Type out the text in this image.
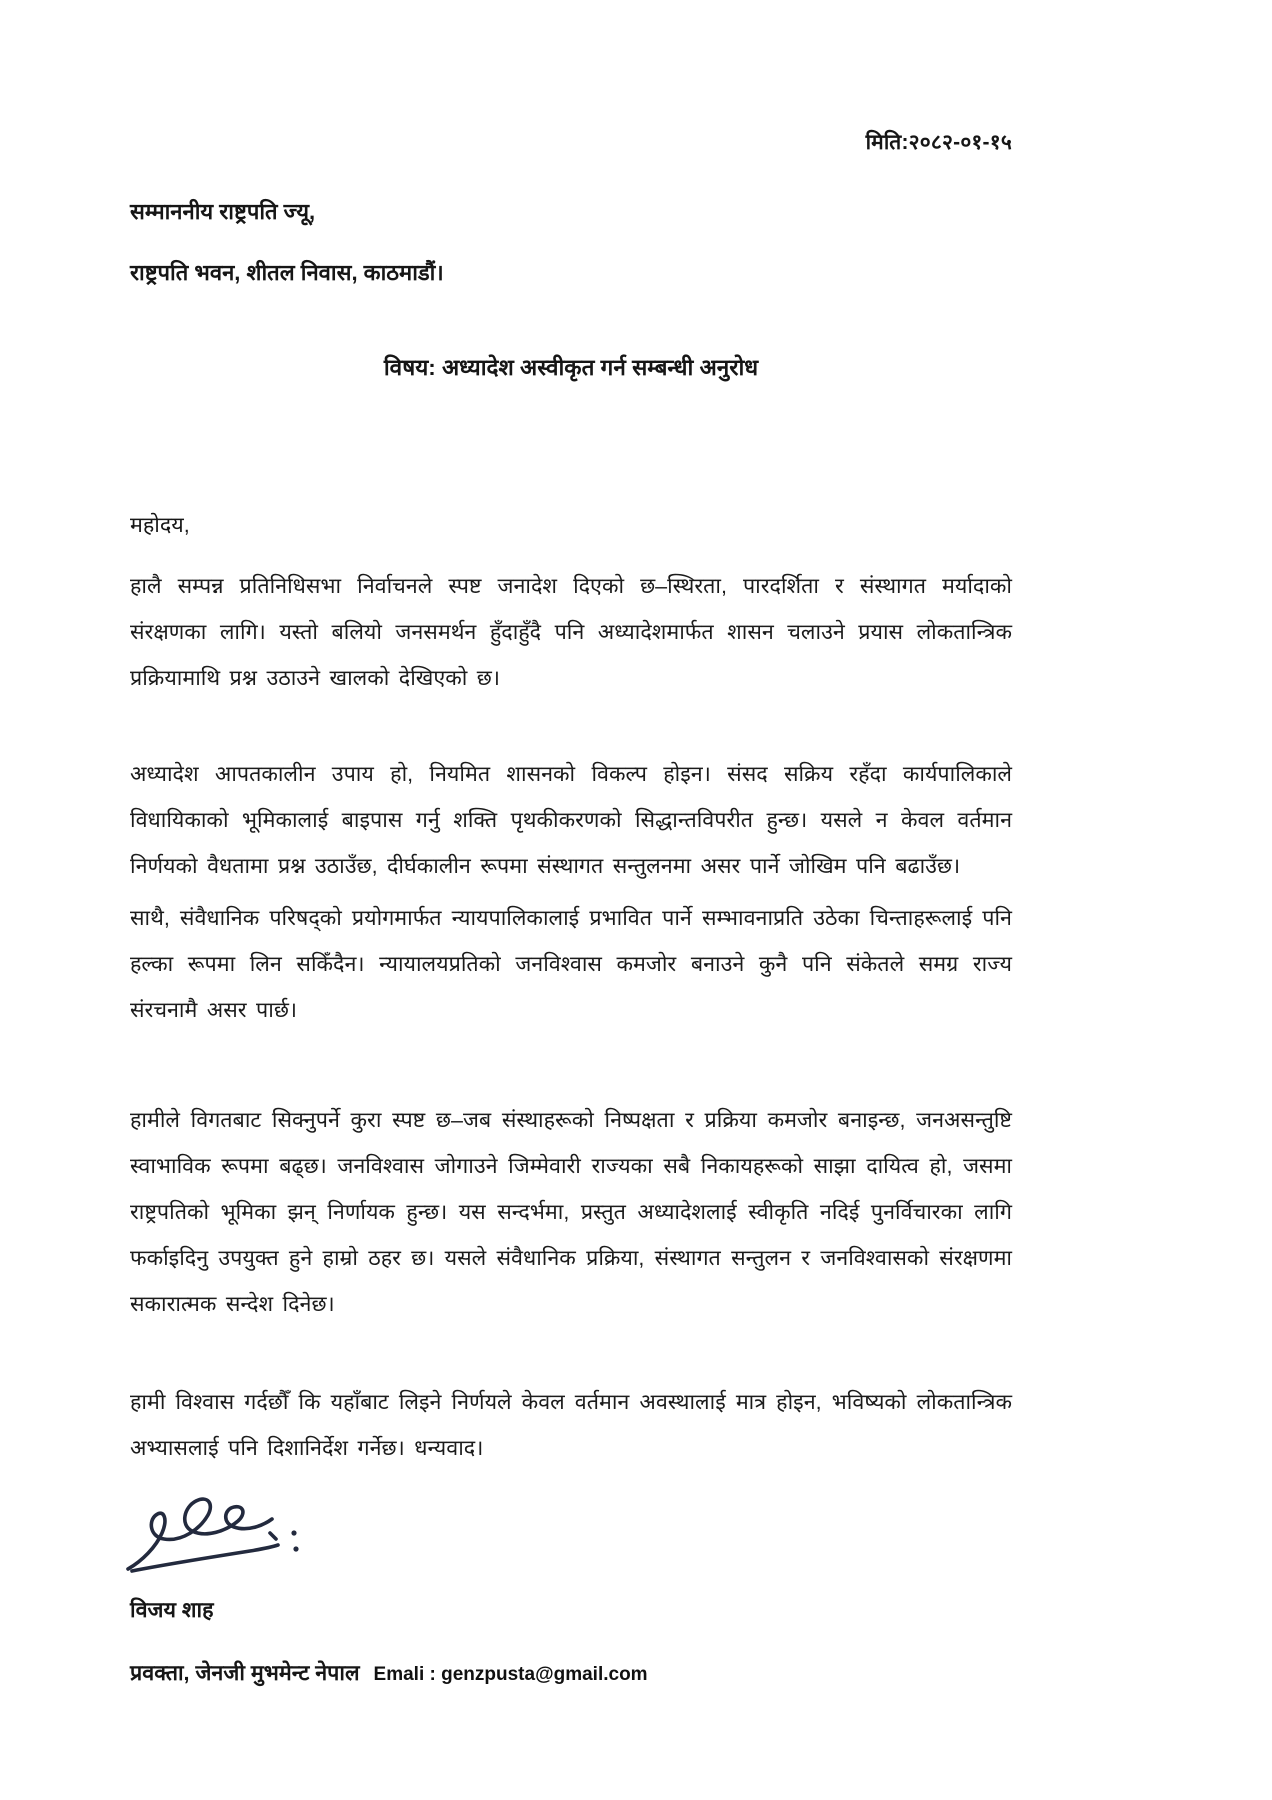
मिति:२०८२-०१-१५
सम्माननीय राष्ट्रपति ज्यू,
राष्ट्रपति भवन, शीतल निवास, काठमाडौं।
विषय: अध्यादेश अस्वीकृत गर्न सम्बन्धी अनुरोध
महोदय,
हालै सम्पन्न प्रतिनिधिसभा निर्वाचनले स्पष्ट जनादेश दिएको छ–स्थिरता, पारदर्शिता र संस्थागत मर्यादाको संरक्षणका लागि। यस्तो बलियो जनसमर्थन हुँदाहुँदै पनि अध्यादेशमार्फत शासन चलाउने प्रयास लोकतान्त्रिक प्रक्रियामाथि प्रश्न उठाउने खालको देखिएको छ।
अध्यादेश आपतकालीन उपाय हो, नियमित शासनको विकल्प होइन। संसद सक्रिय रहँदा कार्यपालिकाले विधायिकाको भूमिकालाई बाइपास गर्नु शक्ति पृथकीकरणको सिद्धान्तविपरीत हुन्छ। यसले न केवल वर्तमान निर्णयको वैधतामा प्रश्न उठाउँछ, दीर्घकालीन रूपमा संस्थागत सन्तुलनमा असर पार्ने जोखिम पनि बढाउँछ।
साथै, संवैधानिक परिषद्को प्रयोगमार्फत न्यायपालिकालाई प्रभावित पार्ने सम्भावनाप्रति उठेका चिन्ताहरूलाई पनि हल्का रूपमा लिन सकिँदैन। न्यायालयप्रतिको जनविश्वास कमजोर बनाउने कुनै पनि संकेतले समग्र राज्य संरचनामै असर पार्छ।
हामीले विगतबाट सिक्नुपर्ने कुरा स्पष्ट छ–जब संस्थाहरूको निष्पक्षता र प्रक्रिया कमजोर बनाइन्छ, जनअसन्तुष्टि स्वाभाविक रूपमा बढ्छ। जनविश्वास जोगाउने जिम्मेवारी राज्यका सबै निकायहरूको साझा दायित्व हो, जसमा राष्ट्रपतिको भूमिका झन् निर्णायक हुन्छ। यस सन्दर्भमा, प्रस्तुत अध्यादेशलाई स्वीकृति नदिई पुनर्विचारका लागि फर्काइदिनु उपयुक्त हुने हाम्रो ठहर छ। यसले संवैधानिक प्रक्रिया, संस्थागत सन्तुलन र जनविश्वासको संरक्षणमा सकारात्मक सन्देश दिनेछ।
हामी विश्वास गर्दछौँ कि यहाँबाट लिइने निर्णयले केवल वर्तमान अवस्थालाई मात्र होइन, भविष्यको लोकतान्त्रिक अभ्यासलाई पनि दिशानिर्देश गर्नेछ। धन्यवाद।
विजय शाह
प्रवक्ता, जेनजी मुभमेन्ट नेपाल Emali : genzpusta@gmail.com
